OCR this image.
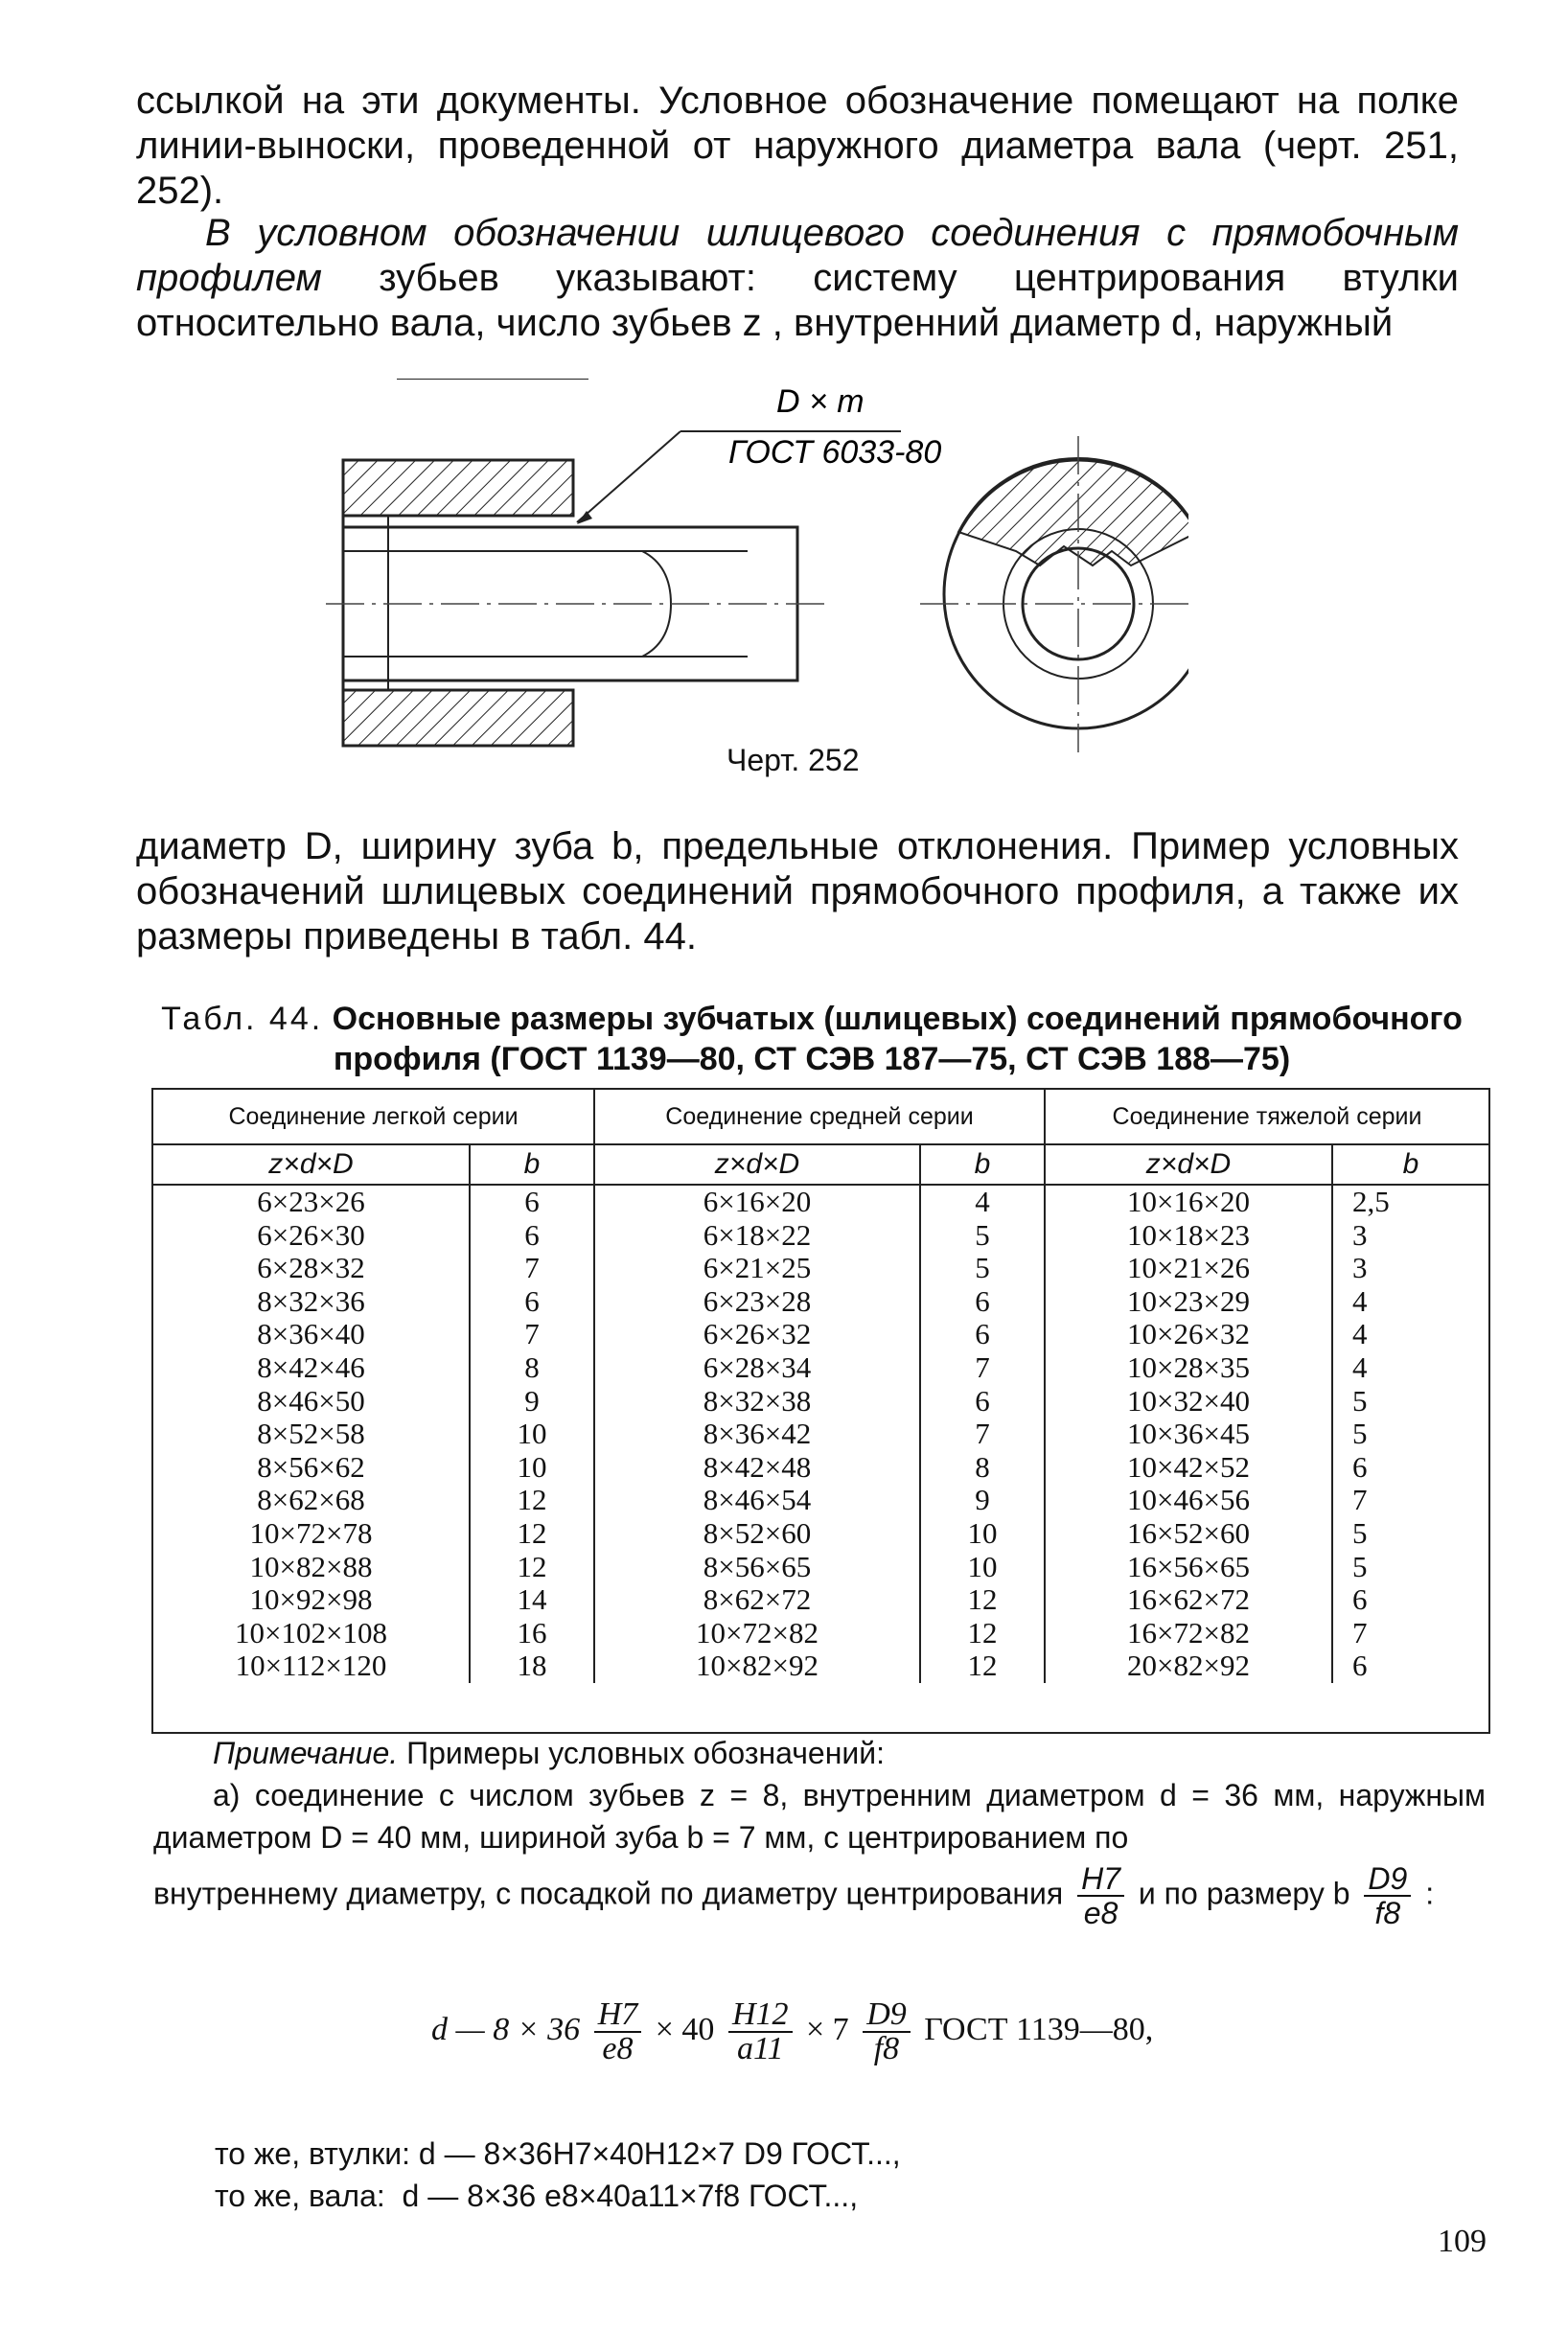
ссылкой на эти документы. Условное обозначение помещают на полке линии-выноски, проведенной от наружного диаметра вала (черт. 251, 252).

В условном обозначении шлицевого соединения с прямобочным профилем зубьев указывают: систему центрирования втулки относительно вала, число зубьев z , внутренний диаметр d, наружный

D × m
ГОСТ 6033-80
Черт. 252

диаметр D, ширину зуба b, предельные отклонения. Пример условных обозначений шлицевых соединений прямобочного профиля, а также их размеры приведены в табл. 44.

Табл. 44. Основные размеры зубчатых (шлицевых) соединений прямобочного профиля (ГОСТ 1139—80, СТ СЭВ 187—75, СТ СЭВ 188—75)
Соединение легкой серии		Соединение средней серии		Соединение тяжелой серии	
z×d×D	b	z×d×D	b	z×d×D	b
6×23×26	6	6×16×20	4	10×16×20	2,5
6×26×30	6	6×18×22	5	10×18×23	3
6×28×32	7	6×21×25	5	10×21×26	3
8×32×36	6	6×23×28	6	10×23×29	4
8×36×40	7	6×26×32	6	10×26×32	4
8×42×46	8	6×28×34	7	10×28×35	4
8×46×50	9	8×32×38	6	10×32×40	5
8×52×58	10	8×36×42	7	10×36×45	5
8×56×62	10	8×42×48	8	10×42×52	6
8×62×68	12	8×46×54	9	10×46×56	7
10×72×78	12	8×52×60	10	16×52×60	5
10×82×88	12	8×56×65	10	16×56×65	5
10×92×98	14	8×62×72	12	16×62×72	6
10×102×108	16	10×72×82	12	16×72×82	7
10×112×120	18	10×82×92	12	20×82×92	6

Примечание. Примеры условных обозначений:

а) соединение с числом зубьев z = 8, внутренним диаметром d = 36 мм, наружным диаметром D = 40 мм, шириной зуба b = 7 мм, с центрированием по

внутреннему диаметру, с посадкой по диаметру центрирования $\frac{H7}{e8}$ и по размеру b $\frac{D9}{f8}$ :

d — $8 \times 36 \frac{H7}{e8} \times 40 \frac{H12}{a11} \times 7 \frac{D9}{f8}$ ГОСТ 1139—80,

то же, втулки: d — 8×36H7×40H12×7 D9 ГОСТ...,

то же, вала:  d — 8×36 e8×40a11×7f8 ГОСТ...,

109
